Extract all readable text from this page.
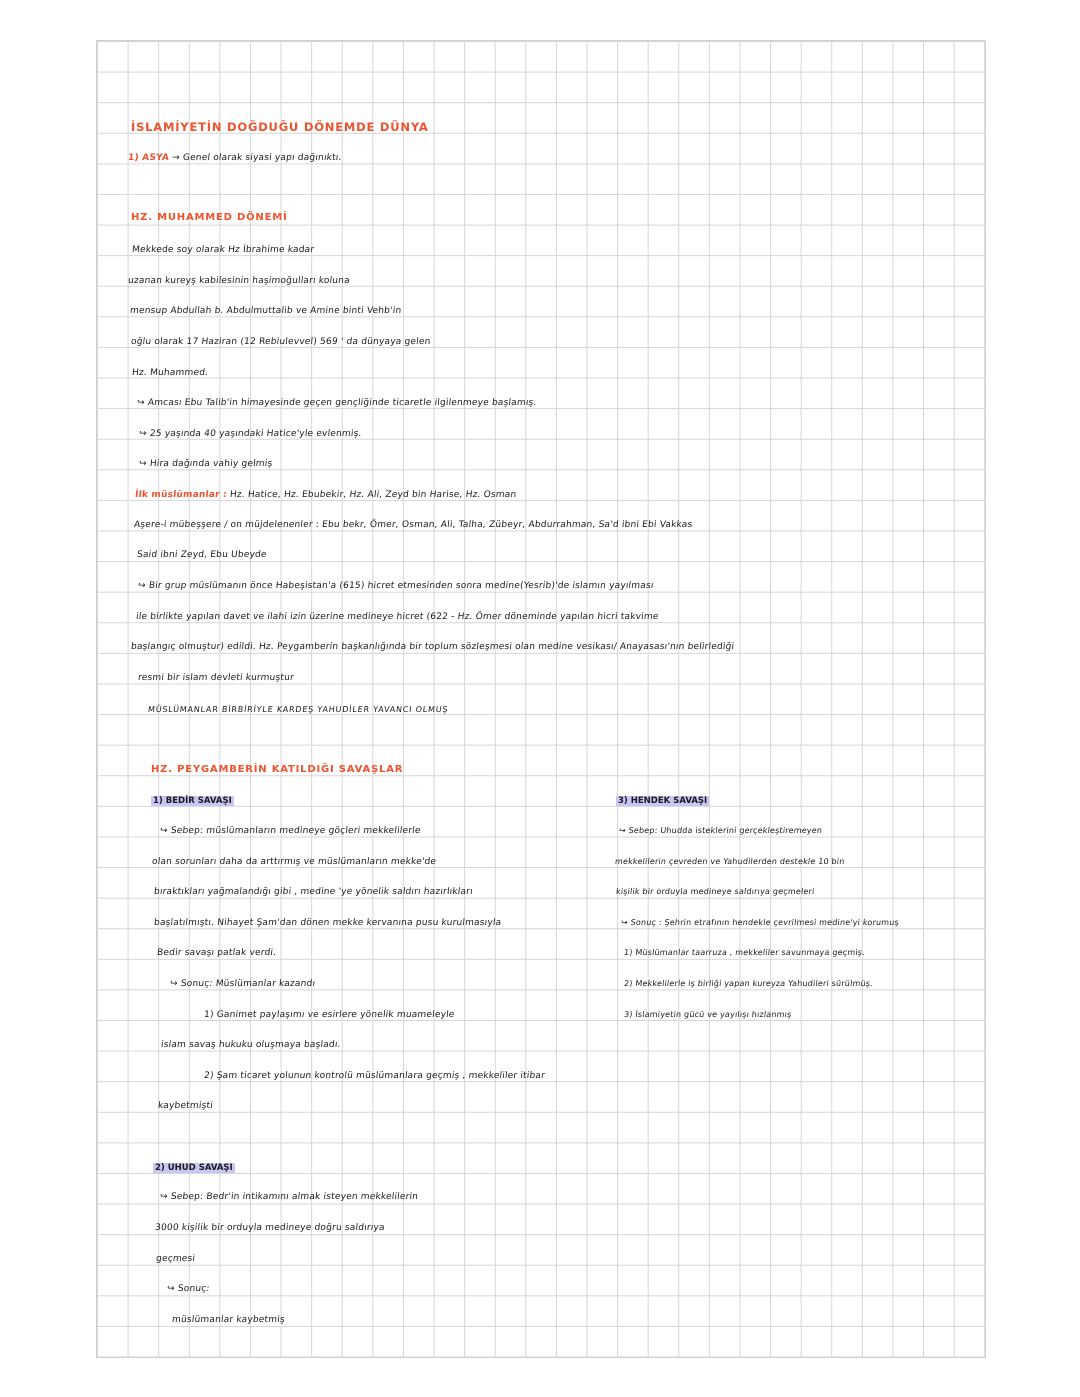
İSLAMİYETİN DOĞDUĞU DÖNEMDE DÜNYA
1) ASYA → Genel olarak siyasi yapı dağınıktı.
HZ. MUHAMMED DÖNEMİ
Mekkede soy olarak Hz İbrahime kadar
uzanan kureyş kabilesinin haşimoğulları koluna
mensup Abdullah b. Abdulmuttalib ve Amine binti Vehb'in
oğlu olarak 17 Haziran (12 Rebiulevvel) 569 ' da dünyaya gelen
Hz. Muhammed.
↪ Amcası Ebu Talib'in himayesinde geçen gençliğinde ticaretle ilgilenmeye başlamış.
↪ 25 yaşında 40 yaşındaki Hatice'yle evlenmiş.
↪ Hira dağında vahiy gelmiş
İlk müslümanlar : Hz. Hatice, Hz. Ebubekir, Hz. Ali, Zeyd bin Harise, Hz. Osman
Aşere-i mübeşşere / on müjdelenenler : Ebu bekr, Ömer, Osman, Ali, Talha, Zübeyr, Abdurrahman, Sa'd ibni Ebi Vakkas
Said ibni Zeyd, Ebu Ubeyde
↪ Bir grup müslümanın önce Habeşistan'a (615) hicret etmesinden sonra medine(Yesrib)'de islamın yayılması
ile birlikte yapılan davet ve ilahi izin üzerine medineye hicret (622 - Hz. Ömer döneminde yapılan hicri takvime
başlangıç olmuştur) edildi. Hz. Peygamberin başkanlığında bir toplum sözleşmesi olan medine vesikası/ Anayasası'nın belirlediği
resmi bir islam devleti kurmuştur
MÜSLÜMANLAR BİRBİRİYLE KARDEŞ YAHUDİLER YAVANCI OLMUŞ
HZ. PEYGAMBERİN KATILDIĞI SAVAŞLAR
1) BEDİR SAVAŞI
↪ Sebep: müslümanların medineye göçleri mekkelilerle
olan sorunları daha da arttırmış ve müslümanların mekke'de
bıraktıkları yağmalandığı gibi , medine 'ye yönelik saldırı hazırlıkları
başlatılmıştı. Nihayet Şam'dan dönen mekke kervanına pusu kurulmasıyla
Bedir savaşı patlak verdi.
↪ Sonuç: Müslümanlar kazandı
1) Ganimet paylaşımı ve esirlere yönelik muameleyle
islam savaş hukuku oluşmaya başladı.
2) Şam ticaret yolunun kontrolü müslümanlara geçmiş , mekkeliler itibar
kaybetmişti
2) UHUD SAVAŞI
↪ Sebep: Bedr'in intikamını almak isteyen mekkelilerin
3000 kişilik bir orduyla medineye doğru saldırıya
geçmesi
↪ Sonuç:
müslümanlar kaybetmiş
3) HENDEK SAVAŞI
↪ Sebep: Uhudda isteklerini gerçekleştiremeyen
mekkelilerin çevreden ve Yahudilerden destekle 10 bin
kişilik bir orduyla medineye saldırıya geçmeleri
↪ Sonuç : Şehrin etrafının hendekle çevrilmesi medine'yi korumuş
1) Müslümanlar taarruza , mekkeliler savunmaya geçmiş.
2) Mekkelilerle iş birliği yapan kureyza Yahudileri sürülmüş.
3) İslamiyetin gücü ve yayılışı hızlanmış
